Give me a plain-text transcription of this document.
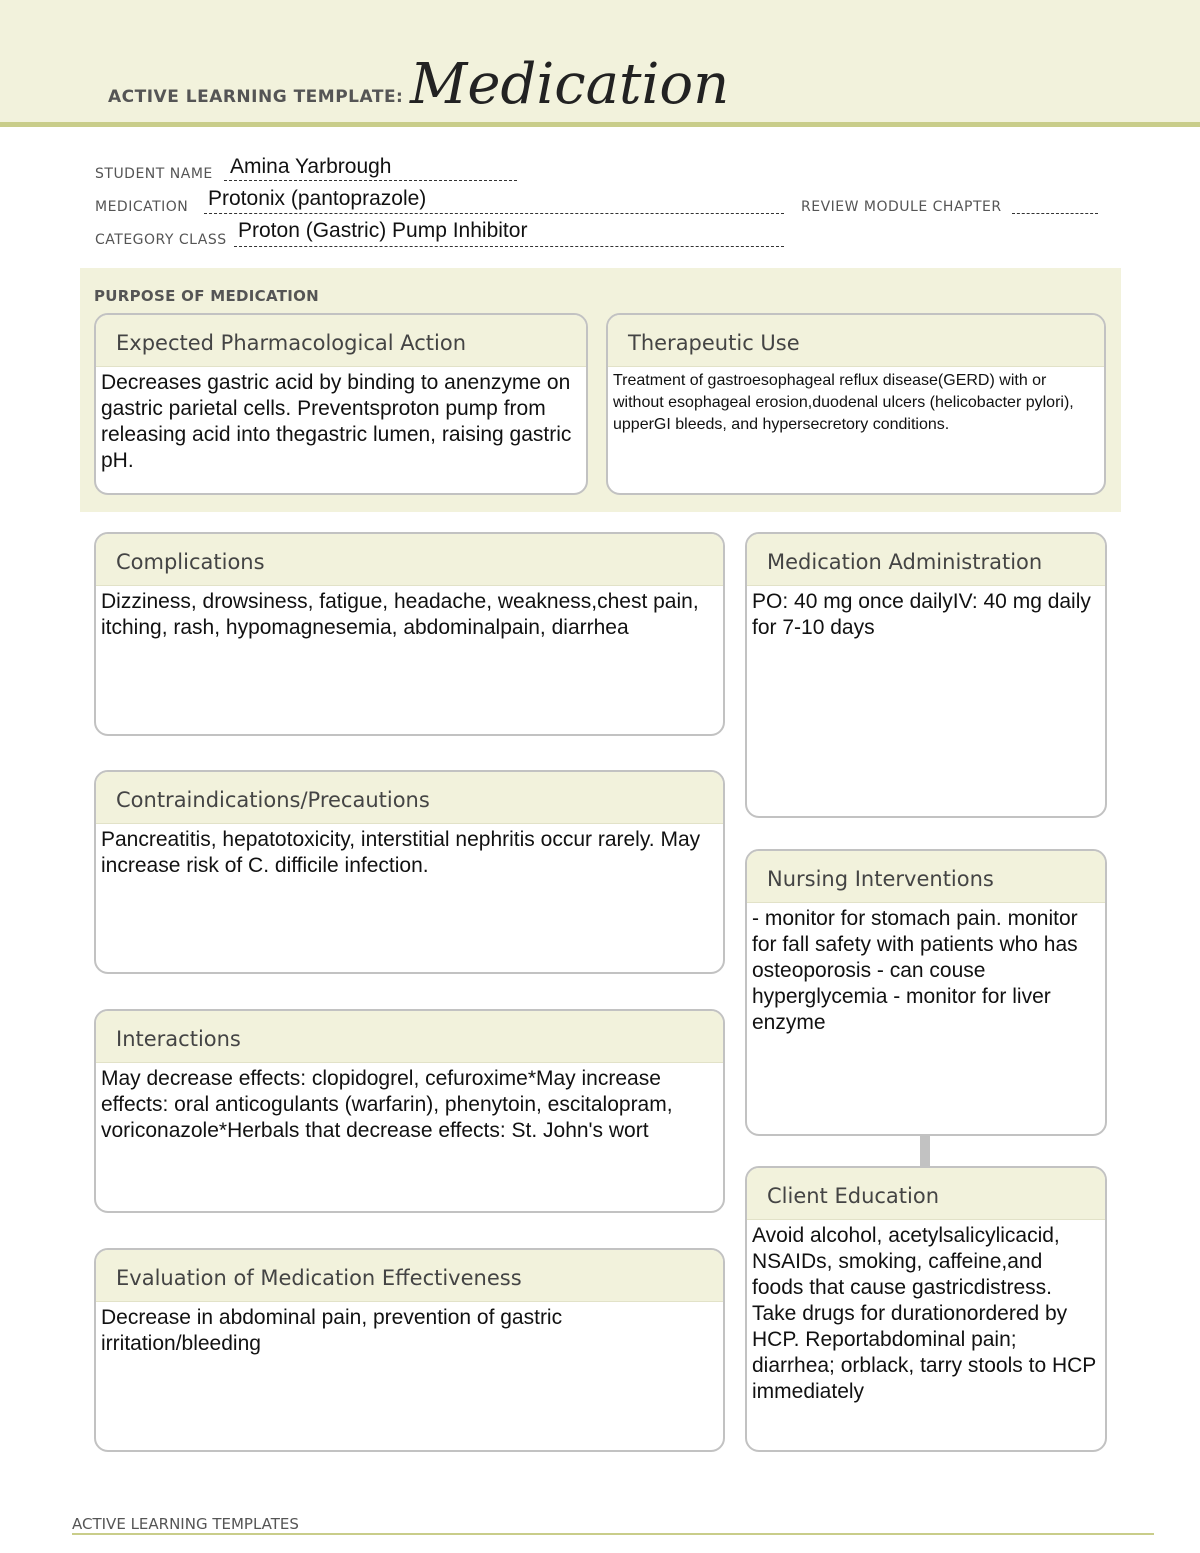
ACTIVE LEARNING TEMPLATE: Medication
STUDENT NAME Amina Yarbrough
MEDICATION Protonix (pantoprazole)	REVIEW MODULE CHAPTER
CATEGORY CLASS Proton (Gastric) Pump Inhibitor
PURPOSE OF MEDICATION
Expected Pharmacological Action
Decreases gastric acid by binding to anenzyme on gastric parietal cells. Preventsproton pump from releasing acid into thegastric lumen, raising gastric pH.
Therapeutic Use
Treatment of gastroesophageal reflux disease(GERD) with or without esophageal erosion,duodenal ulcers (helicobacter pylori), upperGI bleeds, and hypersecretory conditions.
Complications
Dizziness, drowsiness, fatigue, headache, weakness,chest pain, itching, rash, hypomagnesemia, abdominalpain, diarrhea
Contraindications/Precautions
Pancreatitis, hepatotoxicity, interstitial nephritis occur rarely. May increase risk of C. difficile infection.
Interactions
May decrease effects: clopidogrel, cefuroxime*May increase effects: oral anticogulants (warfarin), phenytoin, escitalopram, voriconazole*Herbals that decrease effects: St. John's wort
Evaluation of Medication Effectiveness
Decrease in abdominal pain, prevention of gastric irritation/bleeding
Medication Administration
PO: 40 mg once dailyIV: 40 mg daily for 7-10 days
Nursing Interventions
- monitor for stomach pain. monitor for fall safety with patients who has osteoporosis - can couse hyperglycemia - monitor for liver enzyme
Client Education
Avoid alcohol, acetylsalicylicacid, NSAIDs, smoking, caffeine,and foods that cause gastricdistress. Take drugs for durationordered by HCP. Reportabdominal pain; diarrhea; orblack, tarry stools to HCP immediately
ACTIVE LEARNING TEMPLATES
